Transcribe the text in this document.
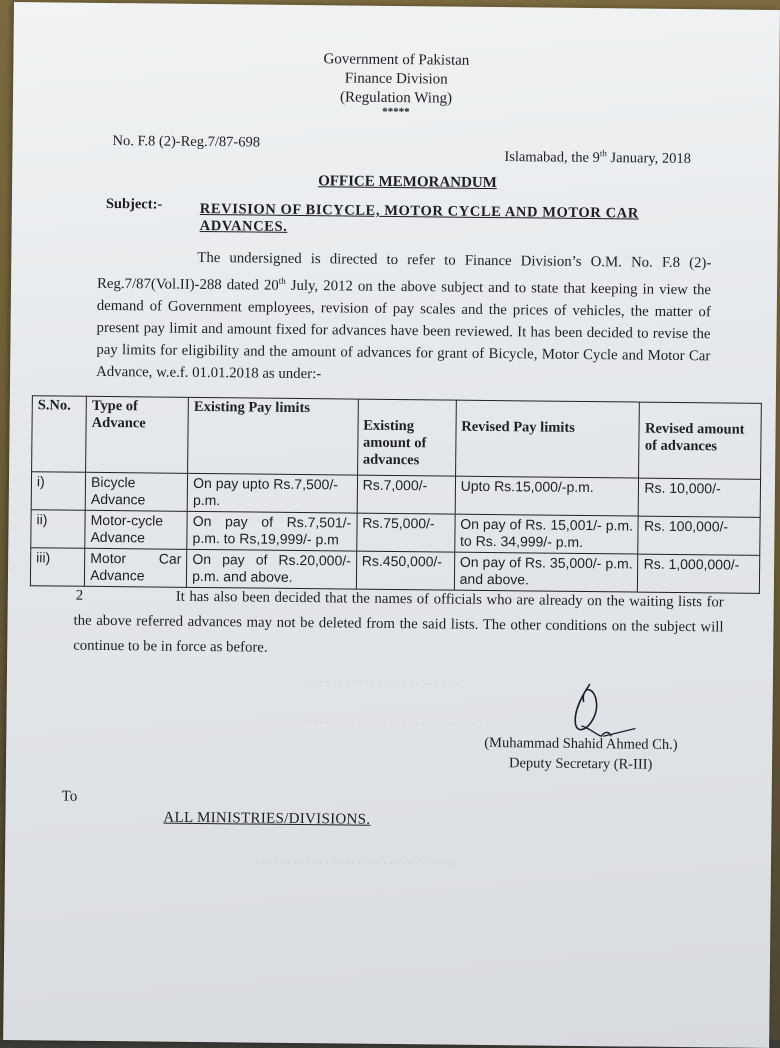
· · · · · · · · · · · · · · · · · · · · · · · ·
· · · · · · · · · · · · · · · · · · · · · · · · · · · · · · ·
· · · · · · · · · · · · · · · · · · · · · · · · · · · · · · · ·
Government of Pakistan
Finance Division
(Regulation Wing)
*****
No. F.8 (2)-Reg.7/87-698
Islamabad, the 9th January, 2018
OFFICE MEMORANDUM
Subject:-	REVISION OF BICYCLE, MOTOR CYCLE AND MOTOR CAR ADVANCES.
The undersigned is directed to refer to Finance Division’s O.M. No. F.8 (2)-Reg.7/87(Vol.II)-288 dated 20th July, 2012 on the above subject and to state that keeping in view the demand of Government employees, revision of pay scales and the prices of vehicles, the matter of present pay limit and amount fixed for advances have been reviewed. It has been decided to revise the pay limits for eligibility and the amount of advances for grant of Bicycle, Motor Cycle and Motor Car Advance, w.e.f. 01.01.2018 as under:-
S.No.	Type of Advance	Existing Pay limits	Existing amount of advances	Revised Pay limits	Revised amount of advances
i)	Bicycle Advance	On pay upto Rs.7,500/- p.m.	Rs.7,000/-	Upto Rs.15,000/-p.m.	Rs. 10,000/-
ii)	Motor-cycle Advance	On pay of Rs.7,501/- p.m. to Rs,19,999/- p.m	Rs.75,000/-	On pay of Rs. 15,001/- p.m. to Rs. 34,999/- p.m.	Rs. 100,000/-
iii)	Motor Car Advance	On pay of Rs.20,000/- p.m. and above.	Rs.450,000/-	On pay of Rs. 35,000/- p.m. and above.	Rs. 1,000,000/-
2	It has also been decided that the names of officials who are already on the waiting lists for the above referred advances may not be deleted from the said lists. The other conditions on the subject will continue to be in force as before.
(Muhammad Shahid Ahmed Ch.)
Deputy Secretary (R-III)
To
ALL MINISTRIES/DIVISIONS.
